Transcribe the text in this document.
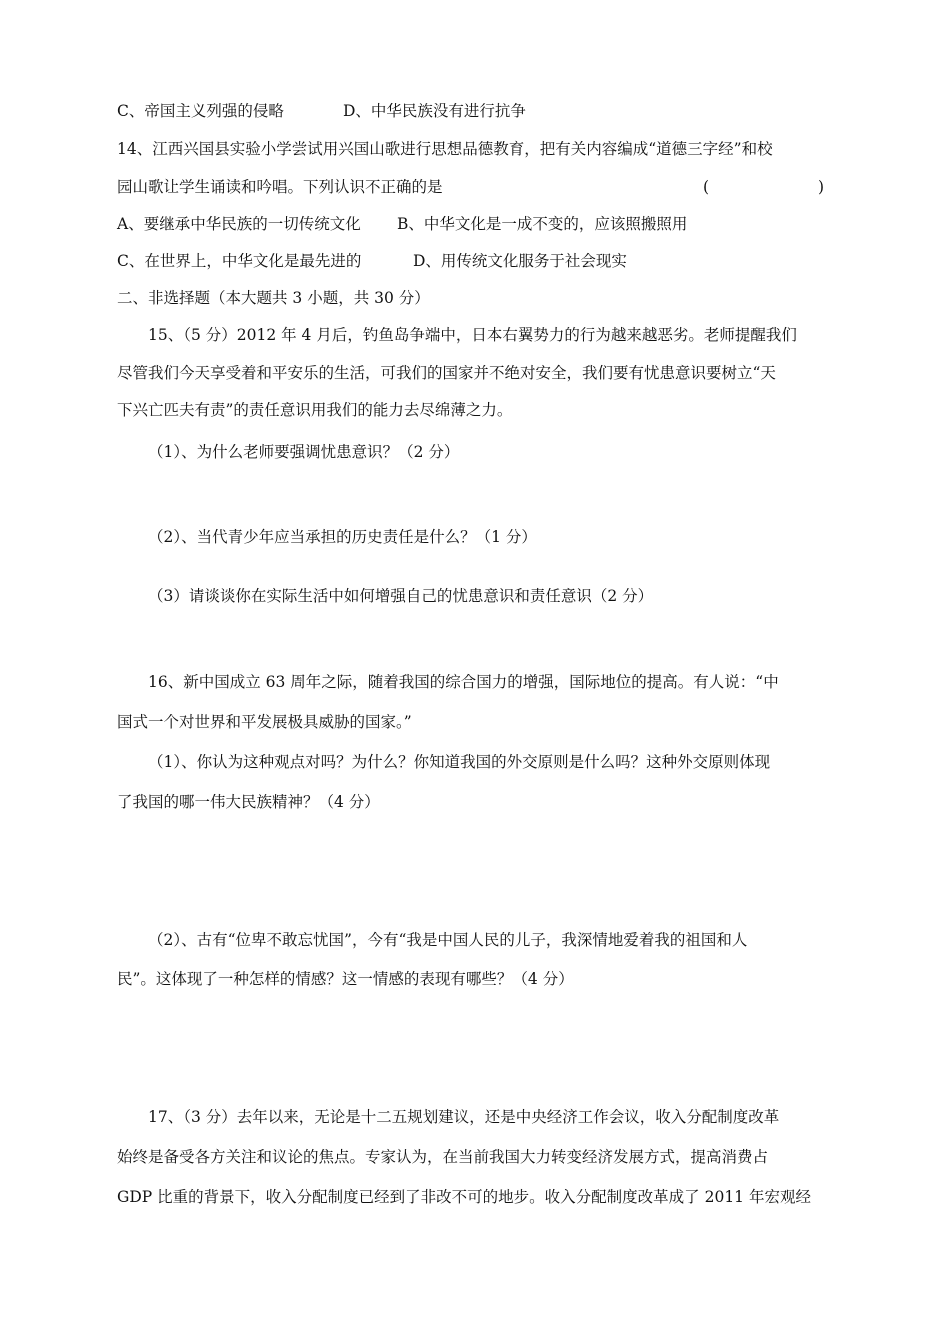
C、帝国主义列强的侵略	D、中华民族没有进行抗争
14、江西兴国县实验小学尝试用兴国山歌进行思想品德教育，把有关内容编成“道德三字经”和校
园山歌让学生诵读和吟唱。下列认识不正确的是	(	)
A、要继承中华民族的一切传统文化 B、中华文化是一成不变的，应该照搬照用
C、在世界上，中华文化是最先进的	D、用传统文化服务于社会现实
二、非选择题（本大题共 3 小题，共 30 分）
15、（5 分）2012 年 4 月后，钓鱼岛争端中，日本右翼势力的行为越来越恶劣。老师提醒我们
尽管我们今天享受着和平安乐的生活，可我们的国家并不绝对安全，我们要有忧患意识要树立“天
下兴亡匹夫有责”的责任意识用我们的能力去尽绵薄之力。
（1）、为什么老师要强调忧患意识？（2 分）
（2）、当代青少年应当承担的历史责任是什么？（1 分）
（3）请谈谈你在实际生活中如何增强自己的忧患意识和责任意识（2 分）
16、新中国成立 63 周年之际，随着我国的综合国力的增强，国际地位的提高。有人说：“中
国式一个对世界和平发展极具威胁的国家。”
（1）、你认为这种观点对吗？为什么？你知道我国的外交原则是什么吗？这种外交原则体现
了我国的哪一伟大民族精神？（4 分）
（2）、古有“位卑不敢忘忧国”，今有“我是中国人民的儿子，我深情地爱着我的祖国和人
民”。这体现了一种怎样的情感？这一情感的表现有哪些？（4 分）
17、（3 分）去年以来，无论是十二五规划建议，还是中央经济工作会议，收入分配制度改革
始终是备受各方关注和议论的焦点。专家认为，在当前我国大力转变经济发展方式，提高消费占
GDP 比重的背景下，收入分配制度已经到了非改不可的地步。收入分配制度改革成了 2011 年宏观经
